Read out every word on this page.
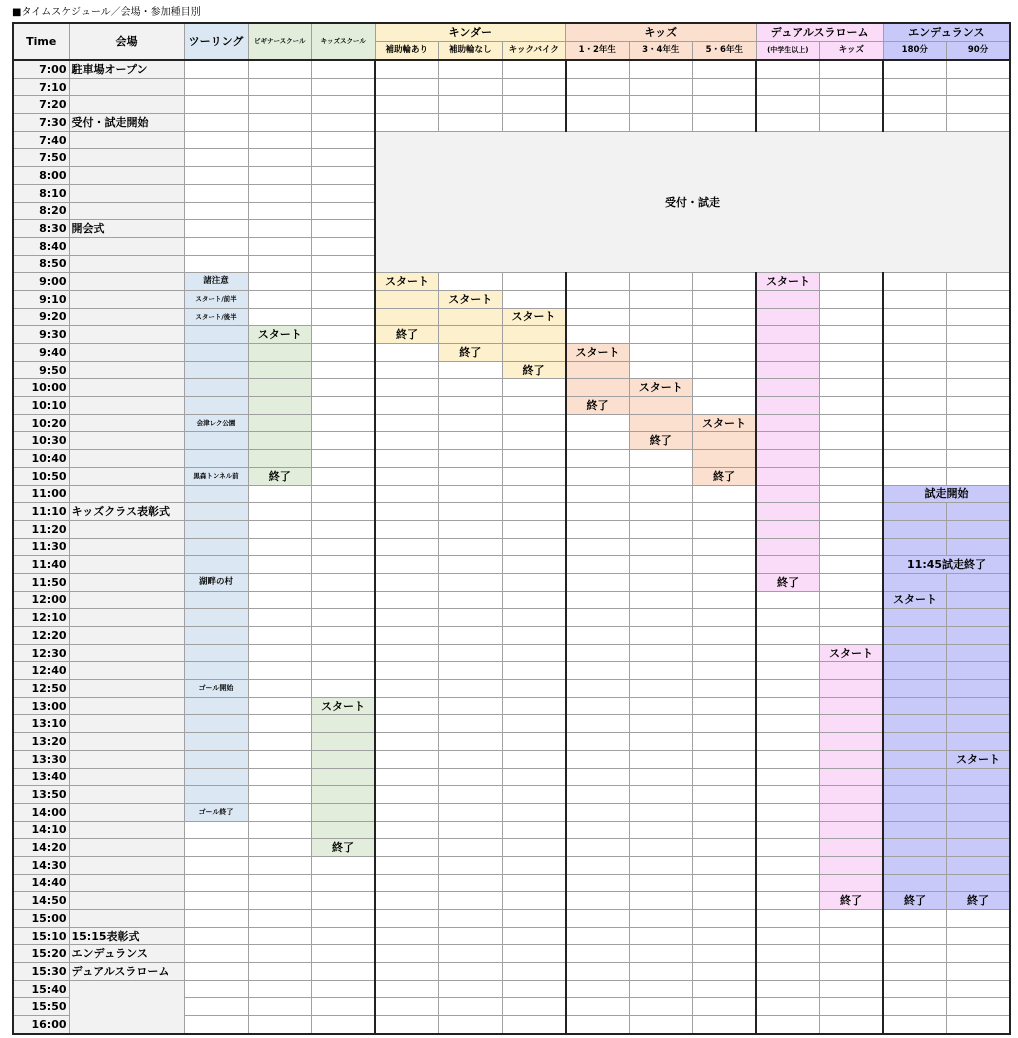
■タイムスケジュール／会場・参加種目別
Time	会場	ツーリング	ビギナースクール	キッズスクール	キンダー			キッズ			デュアルスラローム		エンデュランス	
					補助輪あり	補助輪なし	キックバイク	1・2年生	3・4年生	5・6年生	(中学生以上)	キッズ	180分	90分
7:00	駐車場オープン													
7:10														
7:20														
7:30	受付・試走開始													
7:40					受付・試走									
7:50														
8:00														
8:10														
8:20														
8:30	開会式													
8:40														
8:50														
9:00		諸注意			スタート						スタート			
9:10		スタート/前半				スタート								
9:20		スタート/後半					スタート							
9:30			スタート		終了									
9:40						終了		スタート						
9:50							終了							
10:00									スタート					
10:10								終了						
10:20		会津レク公園								スタート				
10:30									終了					
10:40														
10:50		黒森トンネル前	終了							終了				
11:00													試走開始	
11:10	キッズクラス表彰式													
11:20														
11:30														
11:40													11:45試走終了	
11:50		湖畔の村									終了			
12:00													スタート	
12:10														
12:20														
12:30												スタート		
12:40														
12:50		ゴール開始												
13:00				スタート										
13:10														
13:20														
13:30														スタート
13:40														
13:50														
14:00		ゴール終了												
14:10														
14:20				終了										
14:30														
14:40														
14:50												終了	終了	終了
15:00														
15:10	15:15表彰式													
15:20	エンデュランス													
15:30	デュアルスラローム													
15:40														
15:50														
16:00														
